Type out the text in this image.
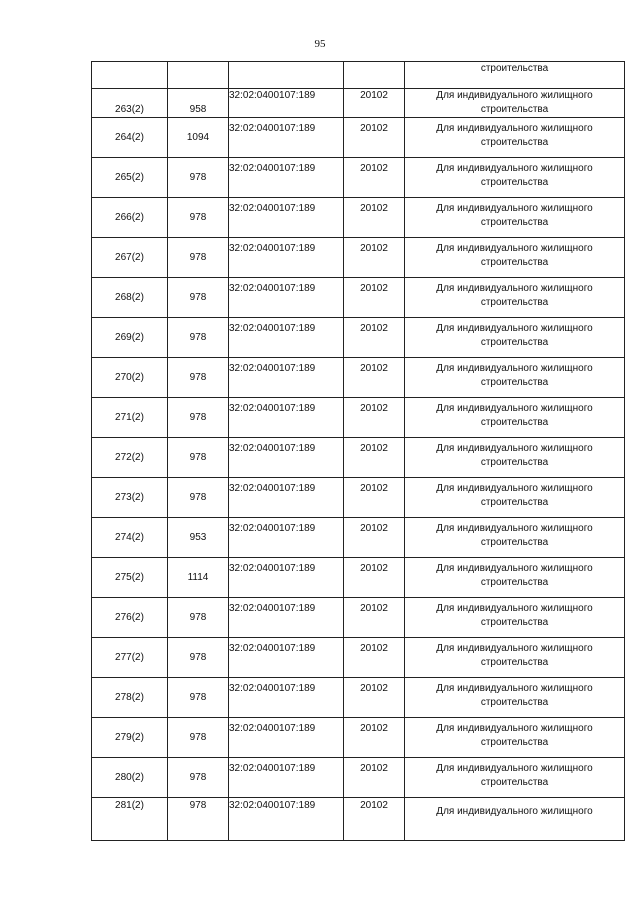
95
				строительства
263(2)	958	32:02:0400107:189	20102	Для индивидуального жилищного
строительства
264(2)	1094	32:02:0400107:189	20102	Для индивидуального жилищного
строительства
265(2)	978	32:02:0400107:189	20102	Для индивидуального жилищного
строительства
266(2)	978	32:02:0400107:189	20102	Для индивидуального жилищного
строительства
267(2)	978	32:02:0400107:189	20102	Для индивидуального жилищного
строительства
268(2)	978	32:02:0400107:189	20102	Для индивидуального жилищного
строительства
269(2)	978	32:02:0400107:189	20102	Для индивидуального жилищного
строительства
270(2)	978	32:02:0400107:189	20102	Для индивидуального жилищного
строительства
271(2)	978	32:02:0400107:189	20102	Для индивидуального жилищного
строительства
272(2)	978	32:02:0400107:189	20102	Для индивидуального жилищного
строительства
273(2)	978	32:02:0400107:189	20102	Для индивидуального жилищного
строительства
274(2)	953	32:02:0400107:189	20102	Для индивидуального жилищного
строительства
275(2)	1114	32:02:0400107:189	20102	Для индивидуального жилищного
строительства
276(2)	978	32:02:0400107:189	20102	Для индивидуального жилищного
строительства
277(2)	978	32:02:0400107:189	20102	Для индивидуального жилищного
строительства
278(2)	978	32:02:0400107:189	20102	Для индивидуального жилищного
строительства
279(2)	978	32:02:0400107:189	20102	Для индивидуального жилищного
строительства
280(2)	978	32:02:0400107:189	20102	Для индивидуального жилищного
строительства
281(2)	978	32:02:0400107:189	20102	Для индивидуального жилищного
